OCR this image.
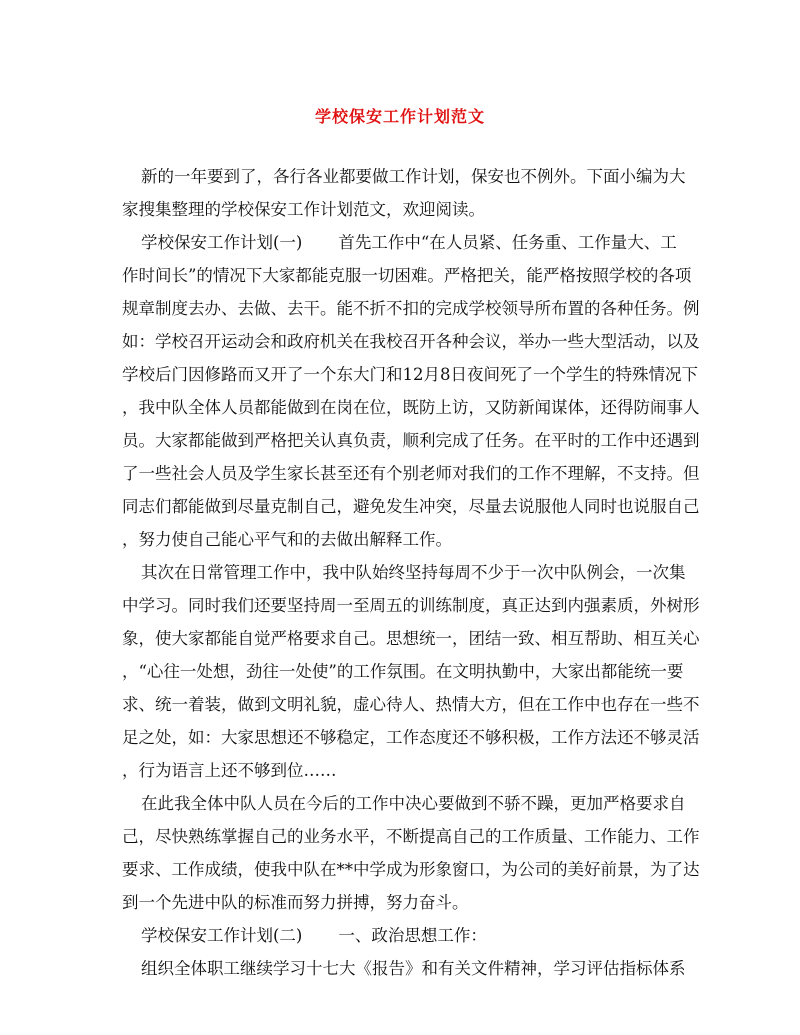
学校保安工作计划范文
新的一年要到了，各行各业都要做工作计划，保安也不例外。下面小编为大
家搜集整理的学校保安工作计划范文，欢迎阅读。
学校保安工作计划(一) 首先工作中“在人员紧、任务重、工作量大、工
作时间长”的情况下大家都能克服一切困难。严格把关，能严格按照学校的各项
规章制度去办、去做、去干。能不折不扣的完成学校领导所布置的各种任务。例
如：学校召开运动会和政府机关在我校召开各种会议，举办一些大型活动，以及
学校后门因修路而又开了一个东大门和12月8日夜间死了一个学生的特殊情况下
，我中队全体人员都能做到在岗在位，既防上访，又防新闻谋体，还得防闹事人
员。大家都能做到严格把关认真负责，顺利完成了任务。在平时的工作中还遇到
了一些社会人员及学生家长甚至还有个别老师对我们的工作不理解，不支持。但
同志们都能做到尽量克制自己，避免发生冲突，尽量去说服他人同时也说服自己
，努力使自己能心平气和的去做出解释工作。
其次在日常管理工作中，我中队始终坚持每周不少于一次中队例会，一次集
中学习。同时我们还要坚持周一至周五的训练制度，真正达到内强素质，外树形
象，使大家都能自觉严格要求自己。思想统一，团结一致、相互帮助、相互关心
，“心往一处想，劲往一处使”的工作氛围。在文明执勤中，大家出都能统一要
求、统一着装，做到文明礼貌，虚心待人、热情大方，但在工作中也存在一些不
足之处，如：大家思想还不够稳定，工作态度还不够积极，工作方法还不够灵活
，行为语言上还不够到位……
在此我全体中队人员在今后的工作中决心要做到不骄不躁，更加严格要求自
己，尽快熟练掌握自己的业务水平，不断提高自己的工作质量、工作能力、工作
要求、工作成绩，使我中队在**中学成为形象窗口，为公司的美好前景，为了达
到一个先进中队的标准而努力拼搏，努力奋斗。
学校保安工作计划(二) 一、政治思想工作：
组织全体职工继续学习十七大《报告》和有关文件精神，学习评估指标体系
